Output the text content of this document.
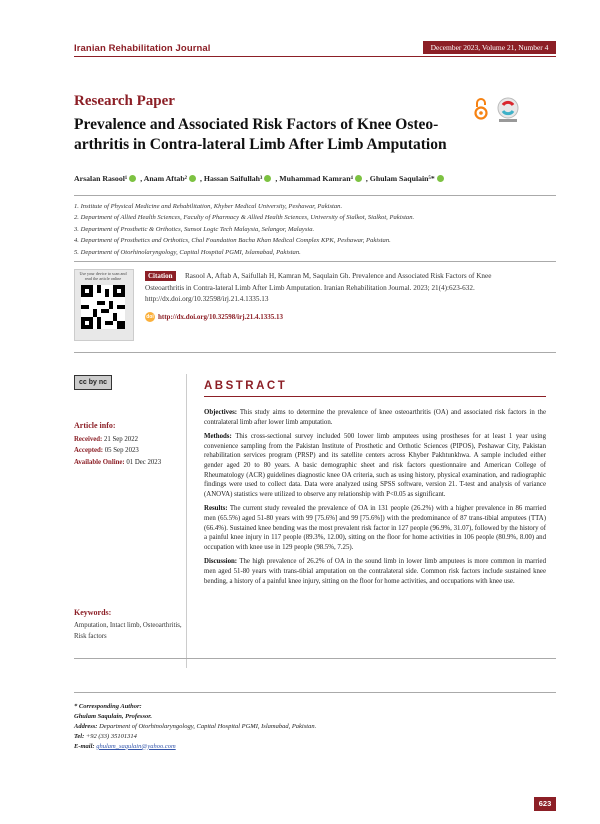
Iranian Rehabilitation Journal	December 2023, Volume 21, Number 4
Research Paper
Prevalence and Associated Risk Factors of Knee Osteo-arthritis in Contra-lateral Limb After Limb Amputation
Arsalan Rasool¹ , Anam Aftab² , Hassan Saifullah³ , Muhammad Kamran⁴ , Ghulam Saqulain⁵*
1. Institute of Physical Medicine and Rehabilitation, Khyber Medical University, Peshawar, Pakistan.
2. Department of Allied Health Sciences, Faculty of Pharmacy & Allied Health Sciences, University of Sialkot, Sialkot, Pakistan.
3. Department of Prosthetic & Orthotics, Sunsoi Logic Tech Malaysia, Selangor, Malaysia.
4. Department of Prosthetics and Orthotics, Chal Foundation Bacha Khan Medical Complex KPK, Peshawar, Pakistan.
5. Department of Otorhinolaryngology, Capital Hospital PGMI, Islamabad, Pakistan.
Use your device to scan and read the article online	Rasool A, Aftab A, Saifullah H, Kamran M, Saqulain Gh. Prevalence and Associated Risk Factors of Knee Osteoarthritis in Contra-lateral Limb After Limb Amputation. Iranian Rehabilitation Journal. 2023; 21(4):623-632. http://dx.doi.org/10.32598/irj.21.4.1335.13
Citation
doi http://dx.doi.org/10.32598/irj.21.4.1335.13
cc by nc
Article info:
Received: 21 Sep 2022
Accepted: 05 Sep 2023
Available Online: 01 Dec 2023
Keywords:
Amputation, Intact limb, Osteoarthritis, Risk factors
ABSTRACT

Objectives: This study aims to determine the prevalence of knee osteoarthritis (OA) and associated risk factors in the contralateral limb after lower limb amputation.

Methods: This cross-sectional survey included 500 lower limb amputees using prostheses for at least 1 year using convenience sampling from the Pakistan Institute of Prosthetic and Orthotic Sciences (PIPOS), Peshawar City, Pakistan rehabilitation services program (PRSP) and its satellite centers across Khyber Pakhtunkhwa. A sample included either gender aged 20 to 80 years. A basic demographic sheet and risk factors questionnaire and American College of Rheumatology (ACR) guidelines diagnostic knee OA criteria, such as using history, physical examination, and radiographic findings were used to collect data. Data were analyzed using SPSS software, version 21. T-test and analysis of variance (ANOVA) statistics were utilized to observe any relationship with P<0.05 as significant.

Results: The current study revealed the prevalence of OA in 131 people (26.2%) with a higher prevalence in 86 married men (65.5%) aged 51-80 years with 99 [75.6%] and 99 [75.6%]) with the predominance of 87 trans-tibial amputees (TTA) (66.4%). Sustained knee bending was the most prevalent risk factor in 127 people (96.9%, 31.07), followed by the history of a painful knee injury in 117 people (89.3%, 12.00), sitting on the floor for home activities in 106 people (80.9%, 8.00) and occupation with knee use in 129 people (98.5%, 7.25).

Discussion: The high prevalence of 26.2% of OA in the sound limb in lower limb amputees is more common in married men aged 51-80 years with trans-tibial amputation on the contralateral side. Common risk factors include sustained knee bending, a history of a painful knee injury, sitting on the floor for home activities, and occupations with knee use.

* Corresponding Author:
Ghulam Saqulain, Professor.
Address: Department of Otorhinolaryngology, Capital Hospital PGMI, Islamabad, Pakistan.
Tel: +92 (33) 35101314
E-mail: ghulam_saqulain@yahoo.com
623
